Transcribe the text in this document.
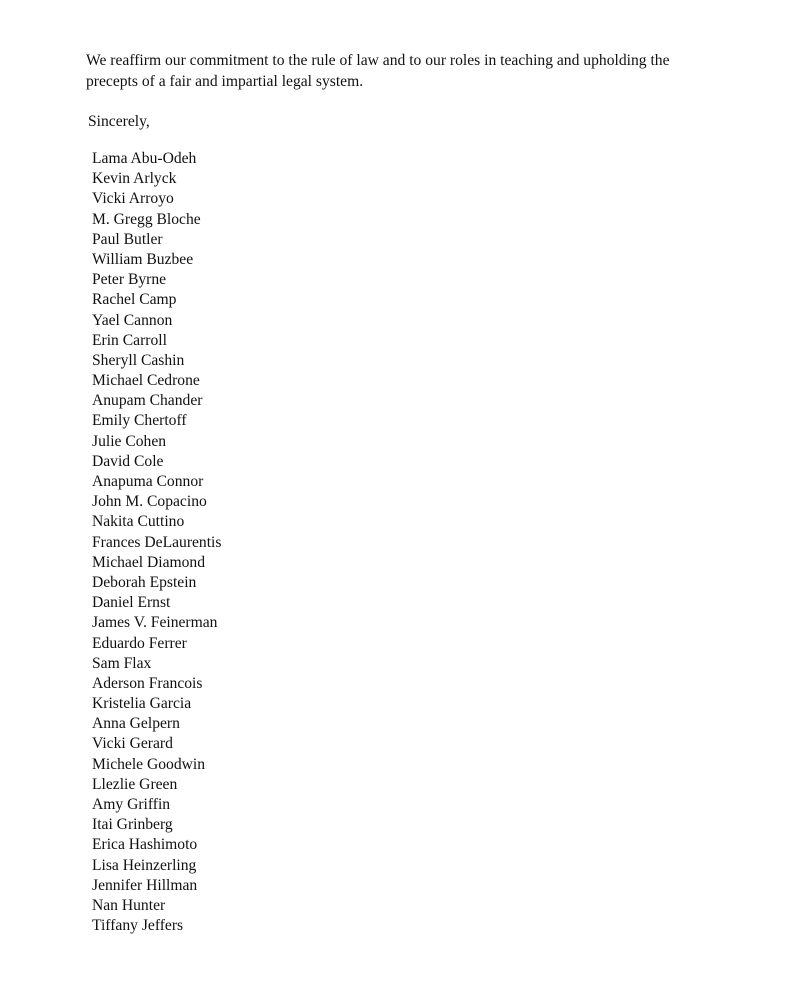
We reaffirm our commitment to the rule of law and to our roles in teaching and upholding the
precepts of a fair and impartial legal system.

Sincerely,

Lama Abu-Odeh
Kevin Arlyck
Vicki Arroyo
M. Gregg Bloche
Paul Butler
William Buzbee
Peter Byrne
Rachel Camp
Yael Cannon
Erin Carroll
Sheryll Cashin
Michael Cedrone
Anupam Chander
Emily Chertoff
Julie Cohen
David Cole
Anapuma Connor
John M. Copacino
Nakita Cuttino
Frances DeLaurentis
Michael Diamond
Deborah Epstein
Daniel Ernst
James V. Feinerman
Eduardo Ferrer
Sam Flax
Aderson Francois
Kristelia Garcia
Anna Gelpern
Vicki Gerard
Michele Goodwin
Llezlie Green
Amy Griffin
Itai Grinberg
Erica Hashimoto
Lisa Heinzerling
Jennifer Hillman
Nan Hunter
Tiffany Jeffers
